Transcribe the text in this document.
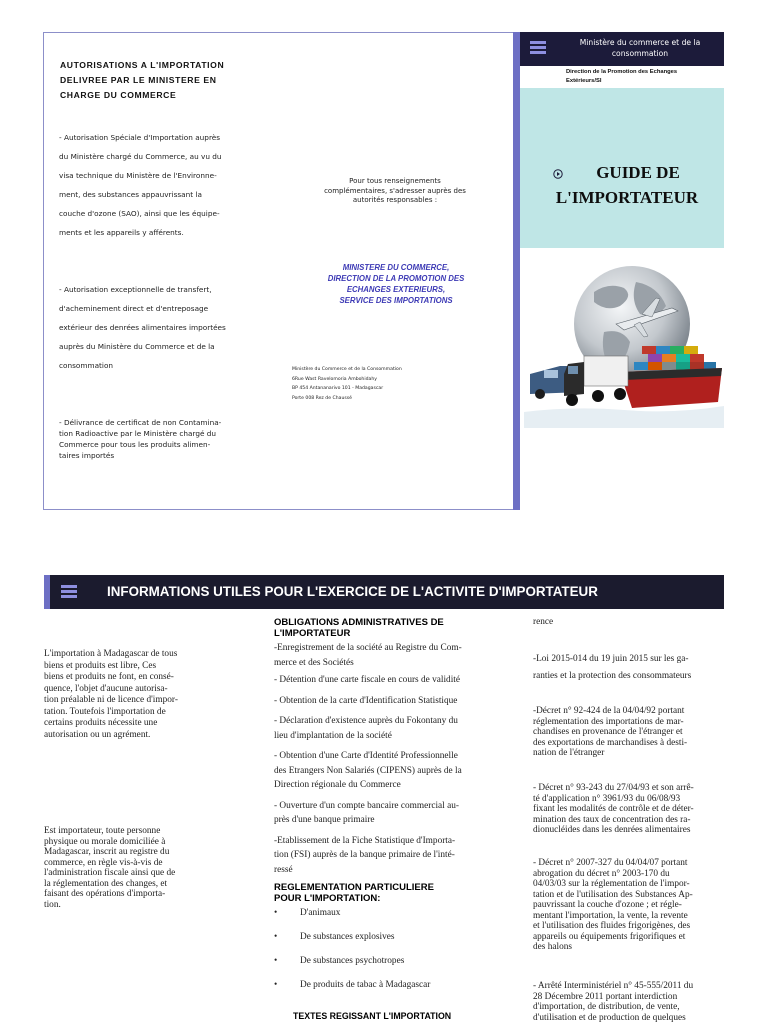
AUTORISATIONS A L'IMPORTATION
DELIVREE PAR LE MINISTERE EN
CHARGE DU COMMERCE
- Autorisation Spéciale d'Importation auprès
du Ministère chargé du Commerce, au vu du
visa technique du Ministère de l'Environne-
ment, des substances appauvrissant la
couche d'ozone (SAO), ainsi que les équipe-
ments et les appareils y afférents.
- Autorisation exceptionnelle de transfert,
d'acheminement direct et d'entreposage
extérieur des denrées alimentaires importées
auprès du Ministère du Commerce et de la
consommation
- Délivrance de certificat de non Contamina-
tion Radioactive par le Ministère chargé du
Commerce pour tous les produits alimen-
taires importés
Pour tous renseignements
complémentaires, s'adresser auprès des
autorités responsables :
MINISTERE DU COMMERCE,
DIRECTION DE LA PROMOTION DES
ECHANGES EXTERIEURS,
SERVICE DES IMPORTATIONS
Ministère du Commerce et de la Consommation
6Rue Wast Ravelomoria Ambohidahy
BP 454 Antananarivo 101 - Madagascar
Porte 008 Rez de Chaussé
Ministère du commerce et de la
consommation
Direction de la Promotion des Echanges
Extérieurs/SI
GUIDE DE
L'IMPORTATEUR
INFORMATIONS UTILES POUR L'EXERCICE DE L'ACTIVITE D'IMPORTATEUR
L'importation à Madagascar de tous
biens et produits est libre, Ces
biens et produits ne font, en consé-
quence, l'objet d'aucune autorisa-
tion préalable ni de licence d'impor-
tation. Toutefois l'importation de
certains produits nécessite une
autorisation ou un agrément.
Est importateur, toute personne
physique ou morale domiciliée à
Madagascar, inscrit au registre du
commerce, en règle vis-à-vis de
l'administration fiscale ainsi que de
la réglementation des changes, et
faisant des opérations d'importa-
tion.
OBLIGATIONS ADMINISTRATIVES DE
L'IMPORTATEUR
-Enregistrement de la société au Registre du Com-
merce et des Sociétés
- Détention d'une carte fiscale en cours de validité
- Obtention de la carte d'Identification Statistique
- Déclaration d'existence auprès du Fokontany du
lieu d'implantation de la société
- Obtention d'une Carte d'Identité Professionnelle
des Etrangers Non Salariés (CIPENS) auprès de la
Direction régionale du Commerce
- Ouverture d'un compte bancaire commercial au-
près d'une banque primaire
-Etablissement de la Fiche Statistique d'Importa-
tion (FSI) auprès de la banque primaire de l'inté-
ressé
REGLEMENTATION PARTICULIERE
POUR L'IMPORTATION:
• D'animaux
• De substances explosives
• De substances psychotropes
• De produits de tabac à Madagascar
TEXTES REGISSANT L'IMPORTATION
rence
-Loi 2015-014 du 19 juin 2015 sur les ga-
ranties et la protection des consommateurs
-Décret n° 92-424 de la 04/04/92 portant
réglementation des importations de mar-
chandises en provenance de l'étranger et
des exportations de marchandises à desti-
nation de l'étranger
- Décret n° 93-243 du 27/04/93 et son arrê-
té d'application n° 3961/93 du 06/08/93
fixant les modalités de contrôle et de déter-
mination des taux de concentration des ra-
dionucléides dans les denrées alimentaires
- Décret n° 2007-327 du 04/04/07 portant
abrogation du décret n° 2003-170 du
04/03/03 sur la réglementation de l'impor-
tation et de l'utilisation des Substances Ap-
pauvrissant la couche d'ozone ; et régle-
mentant l'importation, la vente, la revente
et l'utilisation des fluides frigorigènes, des
appareils ou équipements frigorifiques et
des halons
- Arrêté Interministériel n° 45-555/2011 du
28 Décembre 2011 portant interdiction
d'importation, de distribution, de vente,
d'utilisation et de production de quelques
